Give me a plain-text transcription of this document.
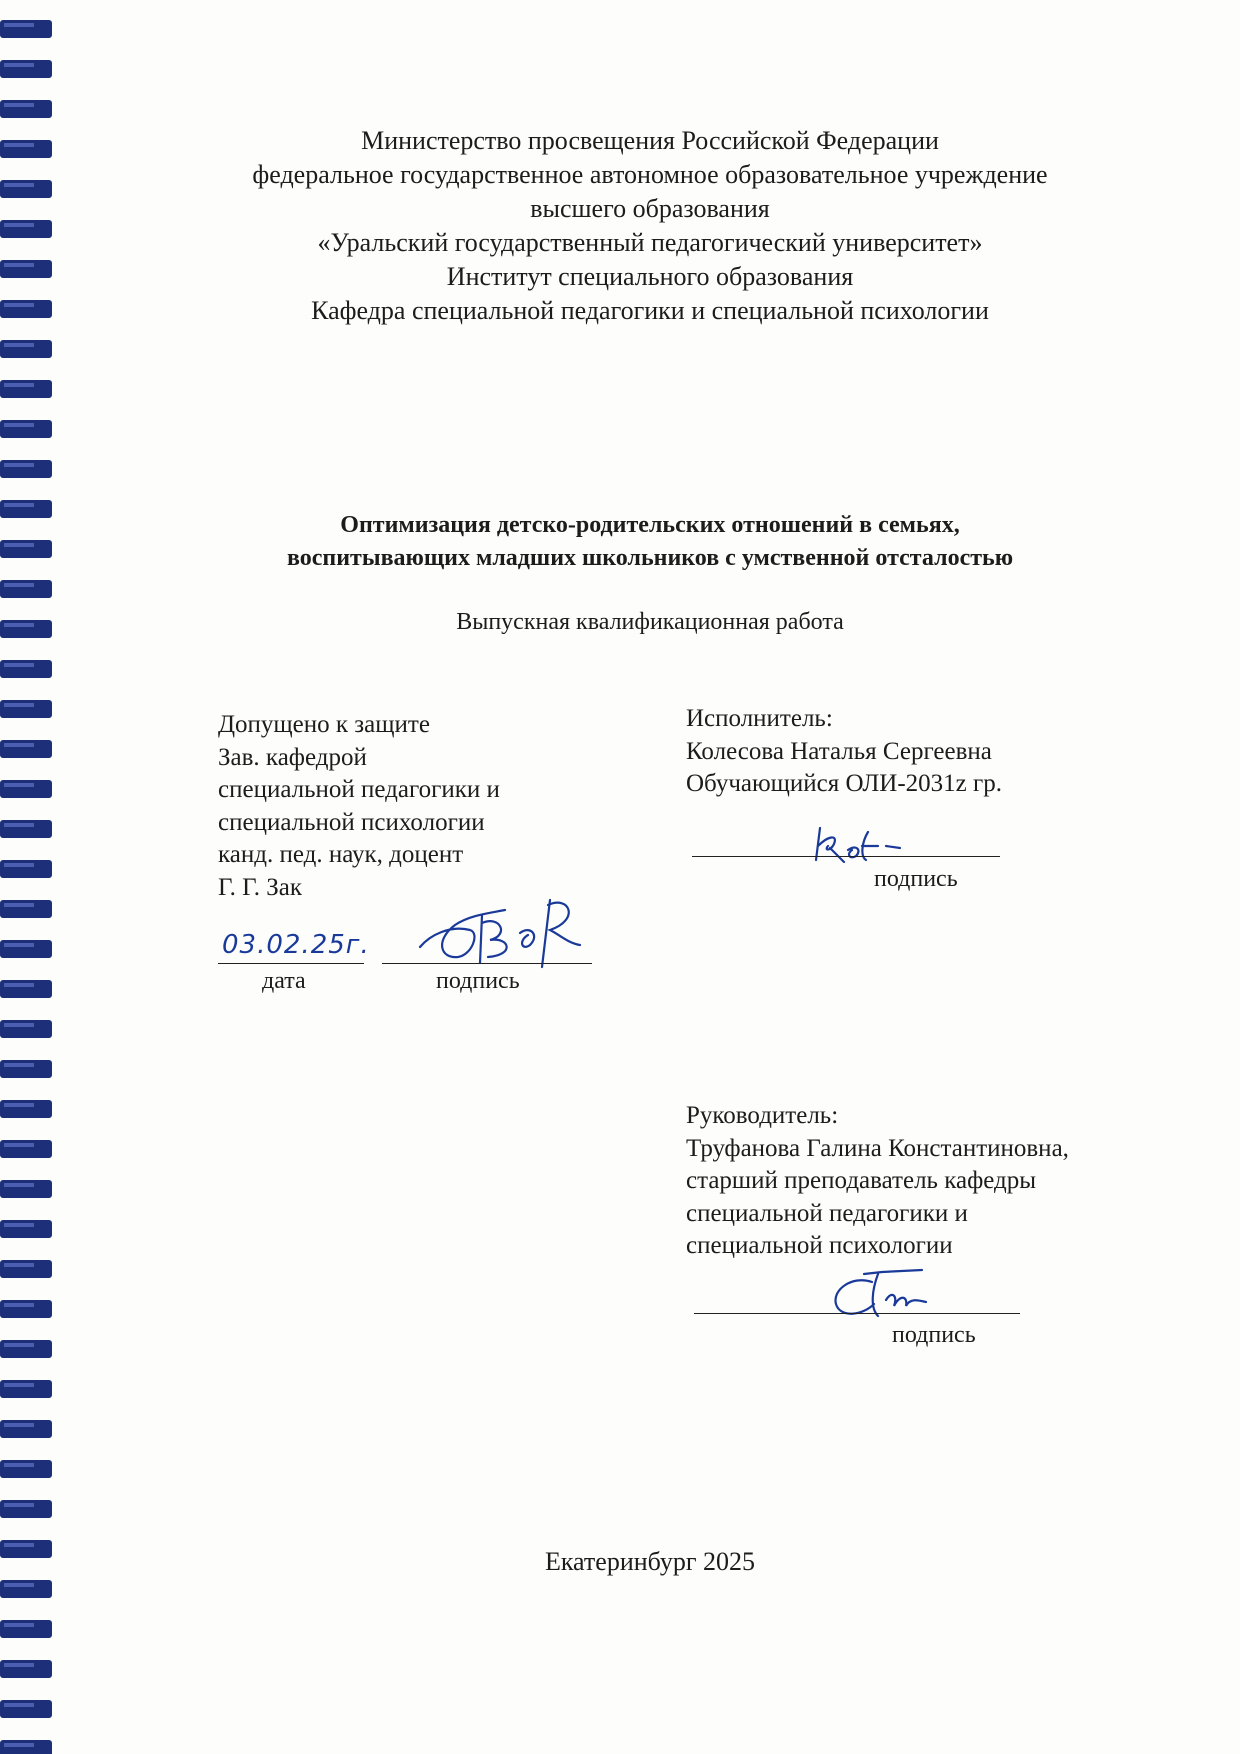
Министерство просвещения Российской Федерации
федеральное государственное автономное образовательное учреждение
высшего образования
«Уральский государственный педагогический университет»
Институт специального образования
Кафедра специальной педагогики и специальной психологии
Оптимизация детско-родительских отношений в семьях,
воспитывающих младших школьников с умственной отсталостью
Выпускная квалификационная работа
Допущено к защите
Зав. кафедрой
специальной педагогики и
специальной психологии
канд. пед. наук, доцент
Г. Г. Зак
03.02.25г.
дата	подпись
Исполнитель:
Колесова Наталья Сергеевна
Обучающийся ОЛИ-2031z гр.
подпись
Руководитель:
Труфанова Галина Константиновна,
старший преподаватель кафедры
специальной педагогики и
специальной психологии
подпись
Екатеринбург 2025
